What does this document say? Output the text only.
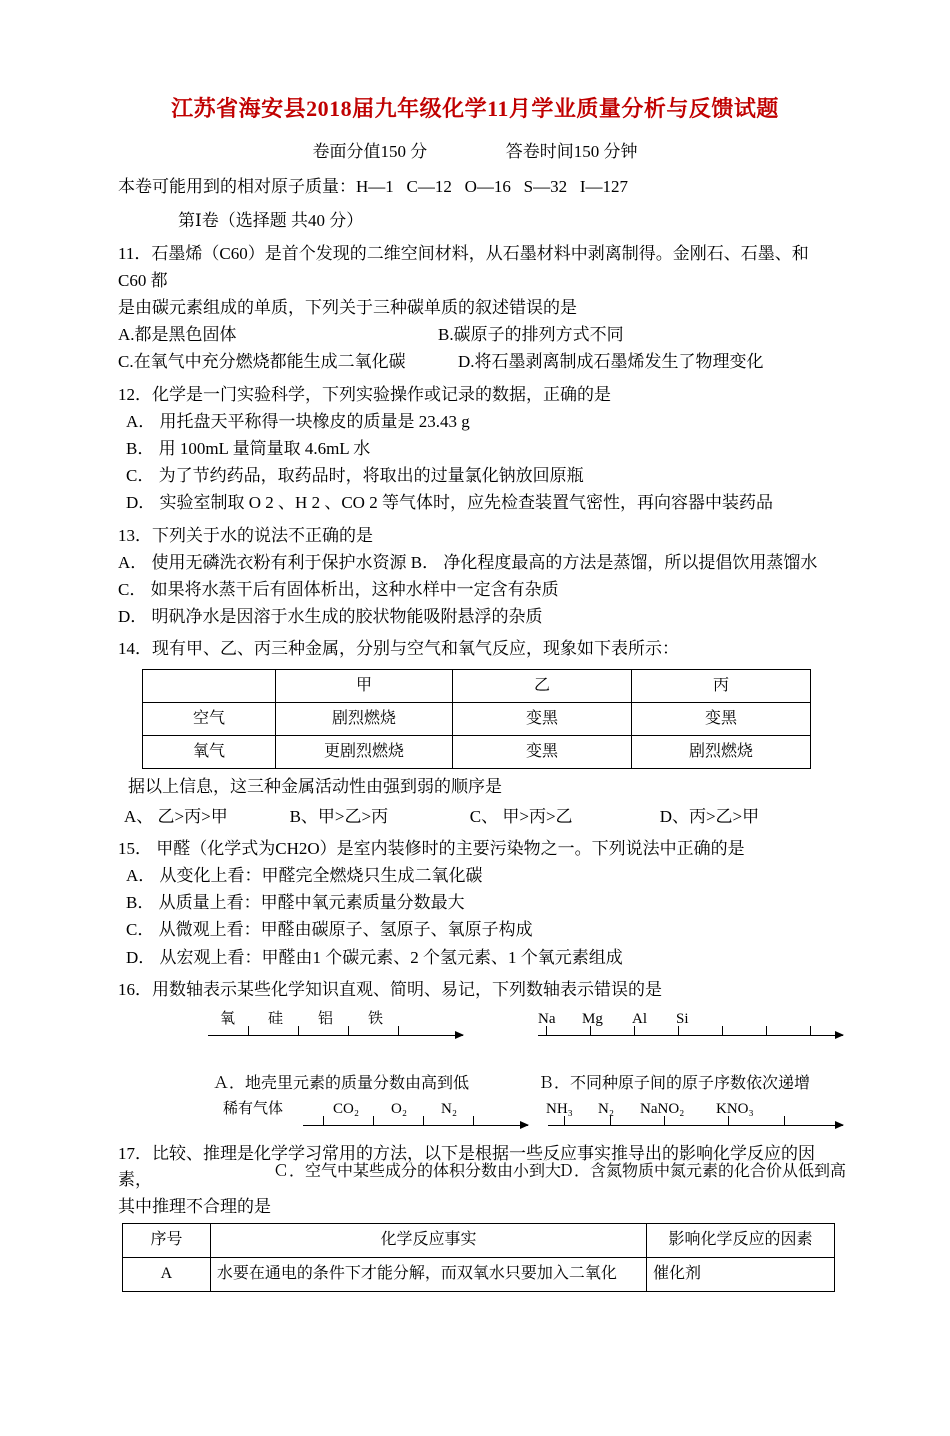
江苏省海安县2018届九年级化学11月学业质量分析与反馈试题
卷面分值150 分	答卷时间150 分钟
本卷可能用到的相对原子质量：H—1   C—12   O—16   S—32   I—127
第Ⅰ卷（选择题 共40 分）

11．石墨烯（C60）是首个发现的二维空间材料，从石墨材料中剥离制得。金刚石、石墨、和 C60 都

是由碳元素组成的单质，下列关于三种碳单质的叙述错误的是

A.都是黑色固体	B.碳原子的排列方式不同
C.在氧气中充分燃烧都能生成二氧化碳	D.将石墨剥离制成石墨烯发生了物理变化

12．化学是一门实验科学，下列实验操作或记录的数据，正确的是

A． 用托盘天平称得一块橡皮的质量是 23.43 g

B． 用 100mL 量筒量取 4.6mL 水

C． 为了节约药品，取药品时，将取出的过量氯化钠放回原瓶

D． 实验室制取 O 2 、H 2 、CO 2 等气体时，应先检查装置气密性，再向容器中装药品

13．下列关于水的说法不正确的是

A． 使用无磷洗衣粉有利于保护水资源 B． 净化程度最高的方法是蒸馏，所以提倡饮用蒸馏水

C． 如果将水蒸干后有固体析出，这种水样中一定含有杂质

D． 明矾净水是因溶于水生成的胶状物能吸附悬浮的杂质

14．现有甲、乙、丙三种金属，分别与空气和氧气反应，现象如下表所示：

	甲	乙	丙
空气	剧烈燃烧	变黑	变黑
氧气	更剧烈燃烧	变黑	剧烈燃烧
据以上信息，这三种金属活动性由强到弱的顺序是
A、 乙>丙>甲	B、甲>乙>丙	C、 甲>丙>乙	D、丙>乙>甲

15． 甲醛（化学式为CH2O）是室内装修时的主要污染物之一。下列说法中正确的是

A． 从变化上看：甲醛完全燃烧只生成二氧化碳

B． 从质量上看：甲醛中氧元素质量分数最大

C． 从微观上看：甲醛由碳原子、氢原子、氧原子构成

D． 从宏观上看：甲醛由1 个碳元素、2 个氢元素、1 个氧元素组成

16．用数轴表示某些化学知识直观、简明、易记，下列数轴表示错误的是

氧 硅 铝 铁
Ａ．地壳里元素的质量分数由高到低
Na Mg Al Si
Ｂ．不同种原子间的原子序数依次递增
稀有气体	CO₂ O₂ N₂
Ｃ．空气中某些成分的体积分数由小到大
NH₃ N₂ NaNO₂ KNO₃
Ｄ．含氮物质中氮元素的化合价从低到高

17．比较、推理是化学学习常用的方法，以下是根据一些反应事实推导出的影响化学反应的因素，

其中推理不合理的是

序号	化学反应事实	影响化学反应的因素
A	水要在通电的条件下才能分解，而双氧水只要加入二氧化	催化剂
